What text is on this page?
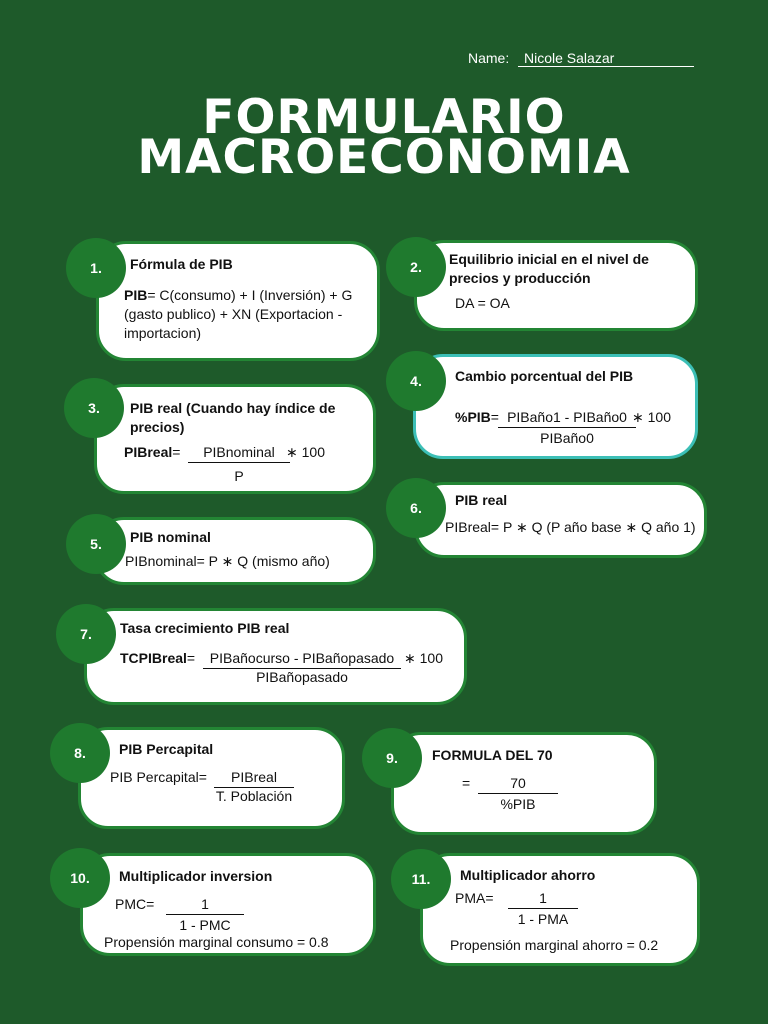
Name:	Nicole Salazar
FORMULARIO
MACROECONOMIA
1.	Fórmula de PIB
PIB= C(consumo) + I (Inversión) + G
(gasto publico) + XN (Exportacion -
importacion)
2.	Equilibrio inicial en el nivel de
precios y producción
DA = OA
3.	PIB real (Cuando hay índice de
precios)
PIBreal=	PIBnominal ∗ 100
P
4.	Cambio porcentual del PIB
%PIB= PIBaño1 - PIBaño0 ∗ 100
PIBaño0
5.	PIB nominal
PIBnominal= P ∗ Q (mismo año)
6.	PIB real
PIBreal= P ∗ Q (P año base ∗ Q año 1)
7.	Tasa crecimiento PIB real
TCPIBreal=	PIBañocurso - PIBañopasado ∗ 100
PIBañopasado
8.	PIB Percapital
PIB Percapital=	PIBreal
T. Población
9.	FORMULA DEL 70
=	70
%PIB
10.	Multiplicador inversion
PMC=	1
1 - PMC
Propensión marginal consumo = 0.8
11.	Multiplicador ahorro
PMA=	1
1 - PMA
Propensión marginal ahorro = 0.2
